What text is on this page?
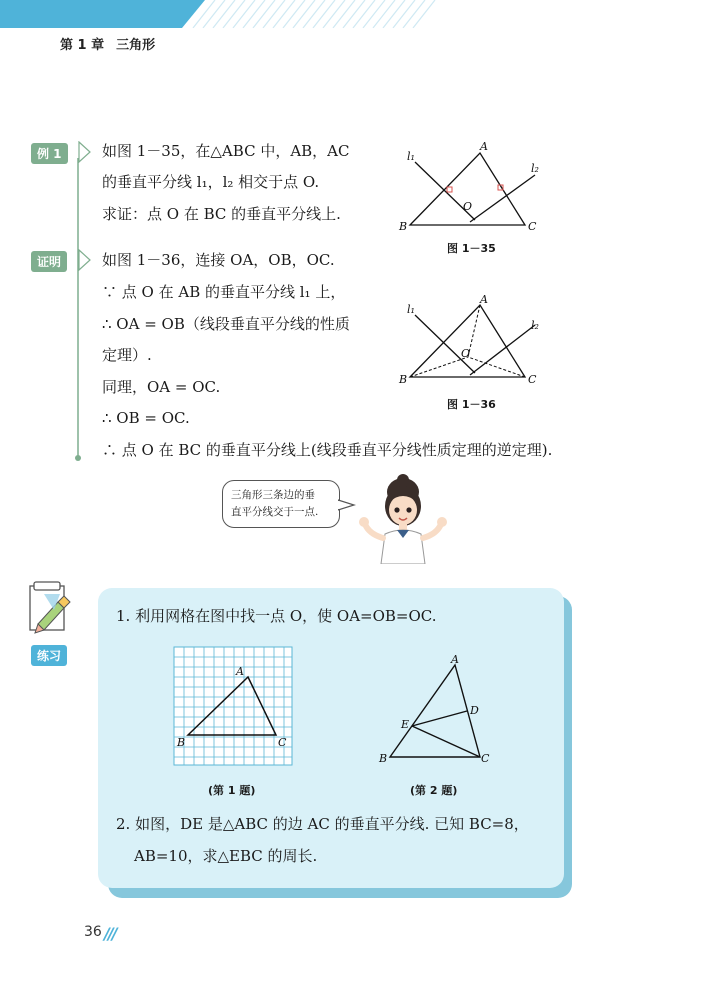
第 1 章 三角形
例 1	如图 1－35，在△ABC 中，AB，AC
的垂直平分线 l₁，l₂ 相交于点 O.
求证：点 O 在 BC 的垂直平分线上.
证明	如图 1－36，连接 OA，OB，OC.
∵ 点 O 在 AB 的垂直平分线 l₁ 上，
∴ OA = OB（线段垂直平分线的性质
定理）.
同理，OA = OC.
∴ OB = OC.
∴ 点 O 在 BC 的垂直平分线上(线段垂直平分线性质定理的逆定理).
A
B	C
O
l₁
l₂
图 1－35
A
B	C
O
l₁
l₂
图 1－36
三角形三条边的垂
直平分线交于一点.
练习
1. 利用网格在图中找一点 O，使 OA=OB=OC.
A
B	C
(第 1 题)
A
B	C
D
E
(第 2 题)
2. 如图，DE 是△ABC 的边 AC 的垂直平分线. 已知 BC=8，
AB=10，求△EBC 的周长.
36 ///
